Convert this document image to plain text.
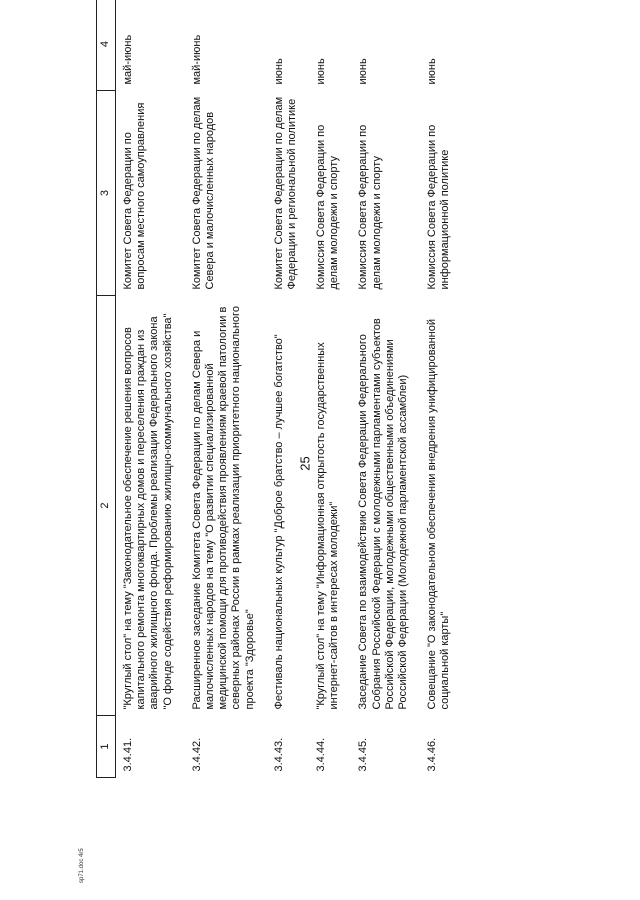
25
1	2	3	4
3.4.41.	"Круглый стол" на тему "Законодательное обеспечение решения вопросов капитального ремонта многоквартирных домов и переселения граждан из аварийного жилищного фонда. Проблемы реализации Федерального закона "О фонде содействия реформированию жилищно-коммунального хозяйства"	Комитет Совета Федерации по вопросам местного самоуправления	май-июнь
3.4.42.	Расширенное заседание Комитета Совета Федерации по делам Севера и малочисленных народов на тему "О развитии специализированной медицинской помощи для противодействия проявлениям краевой патологии в северных районах России в рамках реализации приоритетного национального проекта "Здоровье"	Комитет Совета Федерации по делам Севера и малочисленных народов	май-июнь
3.4.43.	Фестиваль национальных культур "Доброе братство – лучшее богатство"	Комитет Совета Федерации по делам Федерации и региональной политике	июнь
3.4.44.	"Круглый стол" на тему "Информационная открытость государственных интернет-сайтов в интересах молодежи"	Комиссия Совета Федерации по делам молодежи и спорту	июнь
3.4.45.	Заседание Совета по взаимодействию Совета Федерации Федерального Собрания Российской Федерации с молодежными парламентами субъектов Российской Федерации, молодежными общественными объединениями Российской Федерации (Молодежной парламентской ассамблеи)	Комиссия Совета Федерации по делам молодежи и спорту	июнь
3.4.46.	Совещание "О законодательном обеспечении внедрения унифицированной социальной карты"	Комиссия Совета Федерации по информационной политике	июнь
sp71.doc 4r5
